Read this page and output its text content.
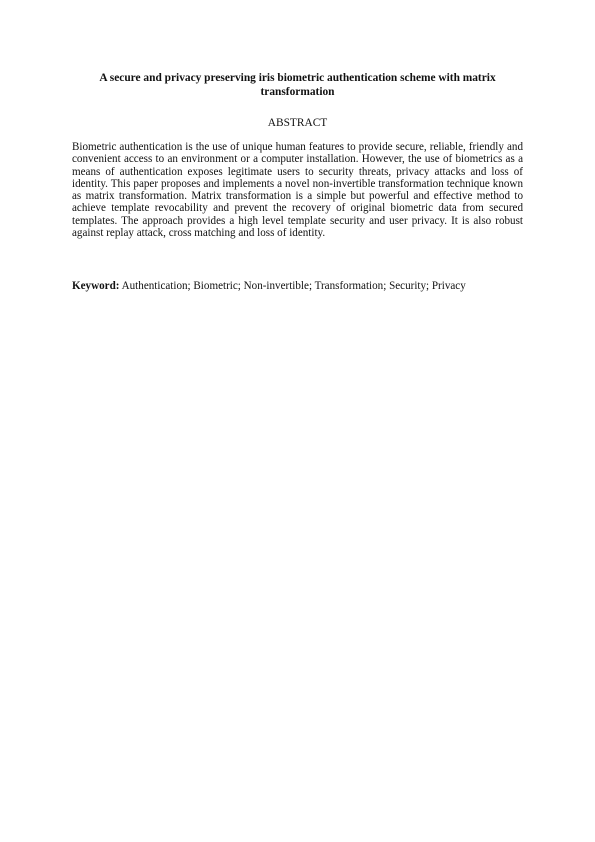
A secure and privacy preserving iris biometric authentication scheme with matrix transformation
ABSTRACT

Biometric authentication is the use of unique human features to provide secure, reliable, friendly and convenient access to an environment or a computer installation. However, the use of biometrics as a means of authentication exposes legitimate users to security threats, privacy attacks and loss of identity. This paper proposes and implements a novel non-invertible transformation technique known as matrix transformation. Matrix transformation is a simple but powerful and effective method to achieve template revocability and prevent the recovery of original biometric data from secured templates. The approach provides a high level template security and user privacy. It is also robust against replay attack, cross matching and loss of identity.

Keyword: Authentication; Biometric; Non-invertible; Transformation; Security; Privacy
